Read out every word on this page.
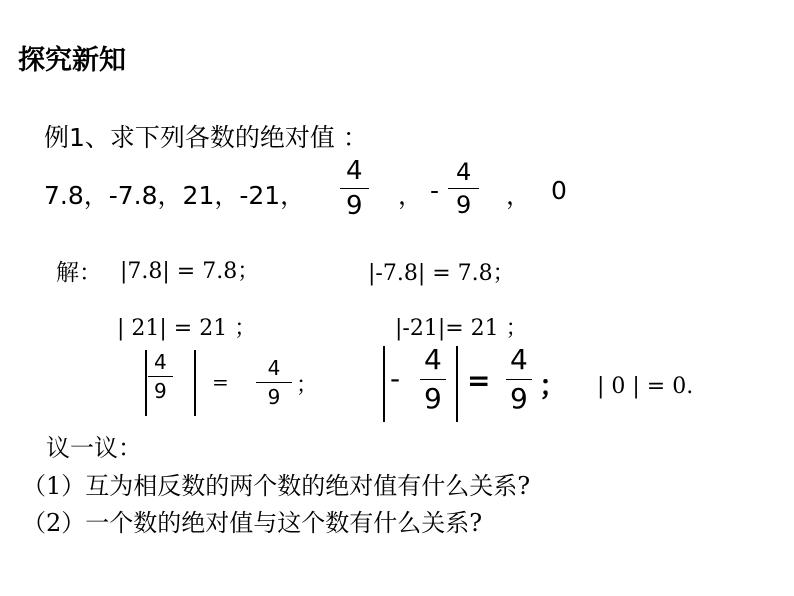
探究新知
例1、求下列各数的绝对值 ：
7.8，-7.8，21，-21，
4
9 ， -
4
9 ， 0
解： |7.8| = 7.8；	|-7.8| = 7.8；
| 21| = 21 ；	|-21|= 21 ；
4
9 =
4
9 ；	-
4
9
=
4
9 ； | 0 | = 0.
议一议：
（1）互为相反数的两个数的绝对值有什么关系?
（2）一个数的绝对值与这个数有什么关系?
